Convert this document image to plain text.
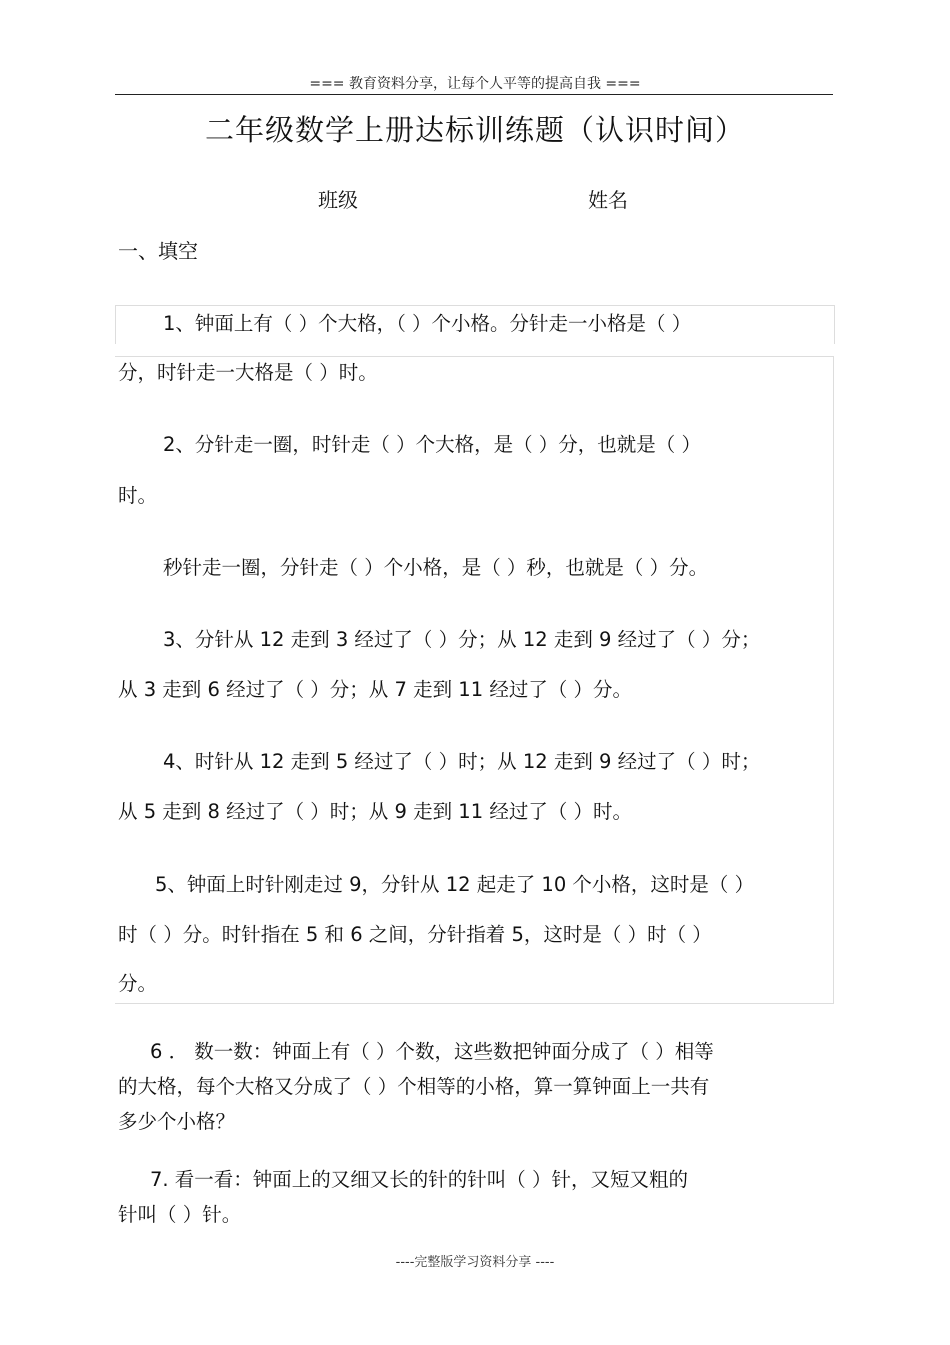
=== 教育资料分享，让每个人平等的提高自我 ===
二年级数学上册达标训练题（认识时间）
班级	姓名
一、填空
1、钟面上有（ ）个大格，（ ）个小格。分针走一小格是（ ）
分，时针走一大格是（ ）时。
2、分针走一圈，时针走（ ）个大格，是（ ）分，也就是（ ）
时。
秒针走一圈，分针走（ ）个小格，是（ ）秒，也就是（ ）分。
3、分针从 12 走到 3 经过了（ ）分；从 12 走到 9 经过了（ ）分；
从 3 走到 6 经过了（ ）分；从 7 走到 11 经过了（ ）分。
4、时针从 12 走到 5 经过了（ ）时；从 12 走到 9 经过了（ ）时；
从 5 走到 8 经过了（ ）时；从 9 走到 11 经过了（ ）时。
5、钟面上时针刚走过 9，分针从 12 起走了 10 个小格，这时是（ ）
时（ ）分。时针指在 5 和 6 之间，分针指着 5，这时是（ ）时（ ）
分。
6 ． 数一数：钟面上有（ ）个数，这些数把钟面分成了（ ）相等
的大格，每个大格又分成了（ ）个相等的小格，算一算钟面上一共有
多少个小格？
7. 看一看：钟面上的又细又长的针的针叫（ ）针，又短又粗的
针叫（ ）针。
----完整版学习资料分享 ----
